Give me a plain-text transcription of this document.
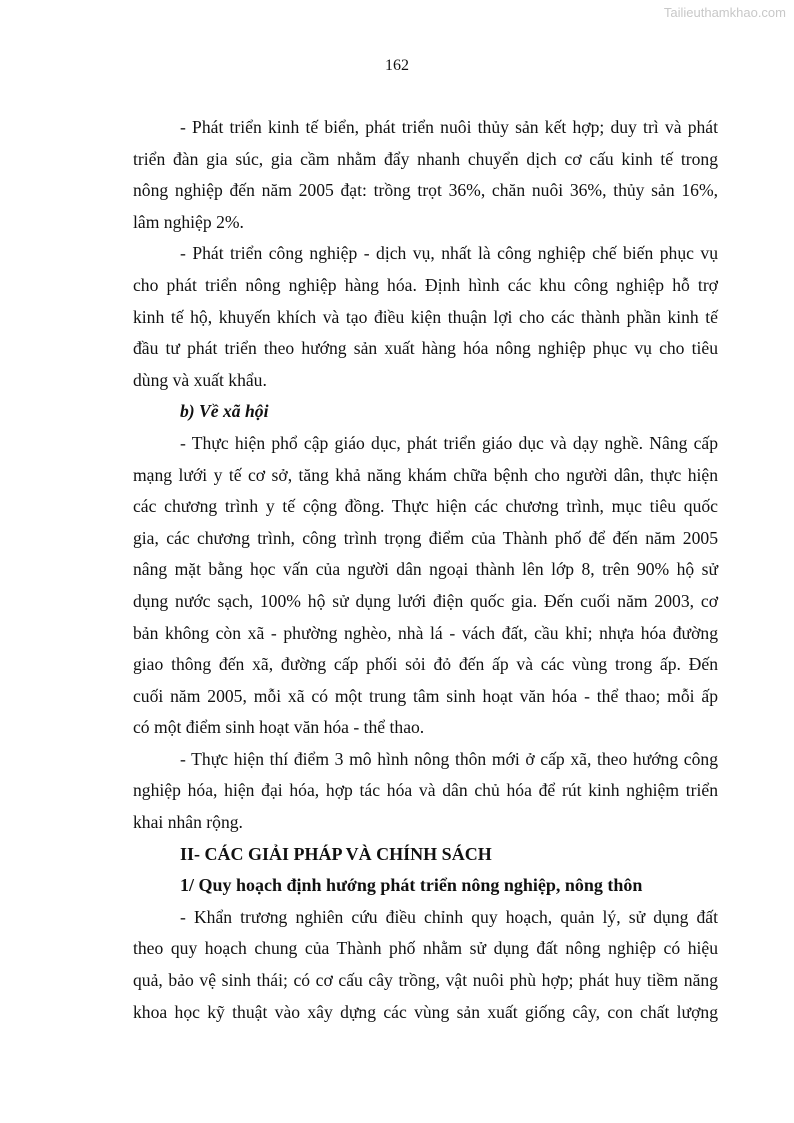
Tailieuthamkhao.com
162
- Phát triển kinh tế biển, phát triển nuôi thủy sản kết hợp; duy trì và phát
triển đàn gia súc, gia cầm nhằm đẩy nhanh chuyển dịch cơ cấu kinh tế trong
nông nghiệp đến năm 2005 đạt: trồng trọt 36%, chăn nuôi 36%, thủy sản 16%,
lâm nghiệp 2%.
- Phát triển công nghiệp - dịch vụ, nhất là công nghiệp chế biến phục vụ
cho phát triển nông nghiệp hàng hóa. Định hình các khu công nghiệp hỗ trợ
kinh tế hộ, khuyến khích và tạo điều kiện thuận lợi cho các thành phần kinh tế
đầu tư phát triển theo hướng sản xuất hàng hóa nông nghiệp phục vụ cho tiêu
dùng và xuất khẩu.
b) Về xã hội
- Thực hiện phổ cập giáo dục, phát triển giáo dục và dạy nghề. Nâng cấp
mạng lưới y tế cơ sở, tăng khả năng khám chữa bệnh cho người dân, thực hiện
các chương trình y tế cộng đồng. Thực hiện các chương trình, mục tiêu quốc
gia, các chương trình, công trình trọng điểm của Thành phố để đến năm 2005
nâng mặt bằng học vấn của người dân ngoại thành lên lớp 8, trên 90% hộ sử
dụng nước sạch, 100% hộ sử dụng lưới điện quốc gia. Đến cuối năm 2003, cơ
bản không còn xã - phường nghèo, nhà lá - vách đất, cầu khỉ; nhựa hóa đường
giao thông đến xã, đường cấp phối sỏi đỏ đến ấp và các vùng trong ấp. Đến
cuối năm 2005, mỗi xã có một trung tâm sinh hoạt văn hóa - thể thao; mỗi ấp
có một điểm sinh hoạt văn hóa - thể thao.
- Thực hiện thí điểm 3 mô hình nông thôn mới ở cấp xã, theo hướng công
nghiệp hóa, hiện đại hóa, hợp tác hóa và dân chủ hóa để rút kinh nghiệm triển
khai nhân rộng.
II- CÁC GIẢI PHÁP VÀ CHÍNH SÁCH
1/ Quy hoạch định hướng phát triển nông nghiệp, nông thôn
- Khẩn trương nghiên cứu điều chỉnh quy hoạch, quản lý, sử dụng đất
theo quy hoạch chung của Thành phố nhằm sử dụng đất nông nghiệp có hiệu
quả, bảo vệ sinh thái; có cơ cấu cây trồng, vật nuôi phù hợp; phát huy tiềm năng
khoa học kỹ thuật vào xây dựng các vùng sản xuất giống cây, con chất lượng
